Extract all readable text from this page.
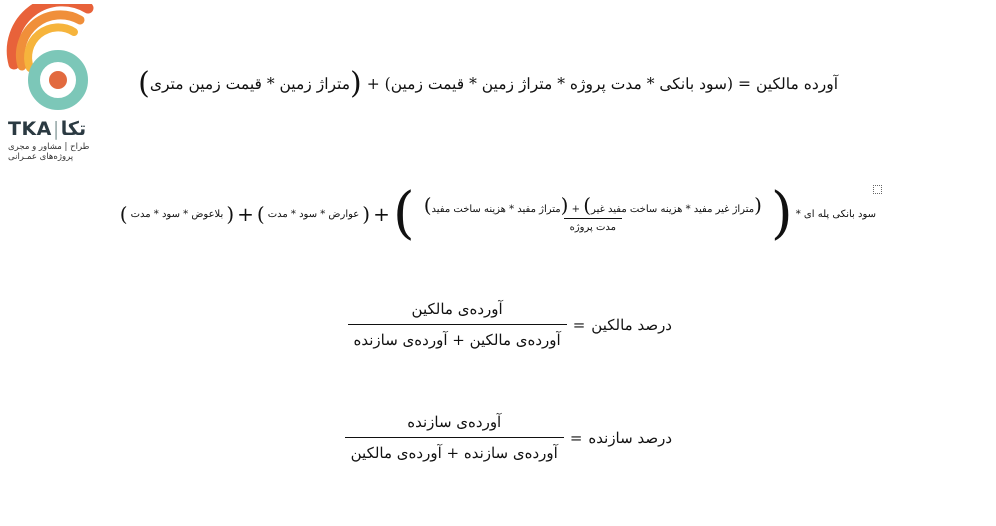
TKA|تکا
طراح | مشاور و مجری
پروژه‌های عمـرانی
آورده مالکین = (سود بانکی * مدت پروژه * متراژ زمین * قیمت زمین) + (متراژ زمین * قیمت زمین متری)
سود بانکی پله ای *
(
(متراژ غیر مفید * هزینه ساخت مفید غیر) + (متراژ مفید * هزینه ساخت مفید)
مدت پروژه
)
+
(
عوارض * سود * مدت
)
+
(
بلاعوض * سود * مدت
)
درصد مالکین
=
$\frac{\text{آورده‌ی مالکین}}{\text{آورده‌ی مالکین + آورده‌ی سازنده}}$
درصد سازنده
=
$\frac{\text{آورده‌ی سازنده}}{\text{آورده‌ی سازنده + آورده‌ی مالکین}}$
